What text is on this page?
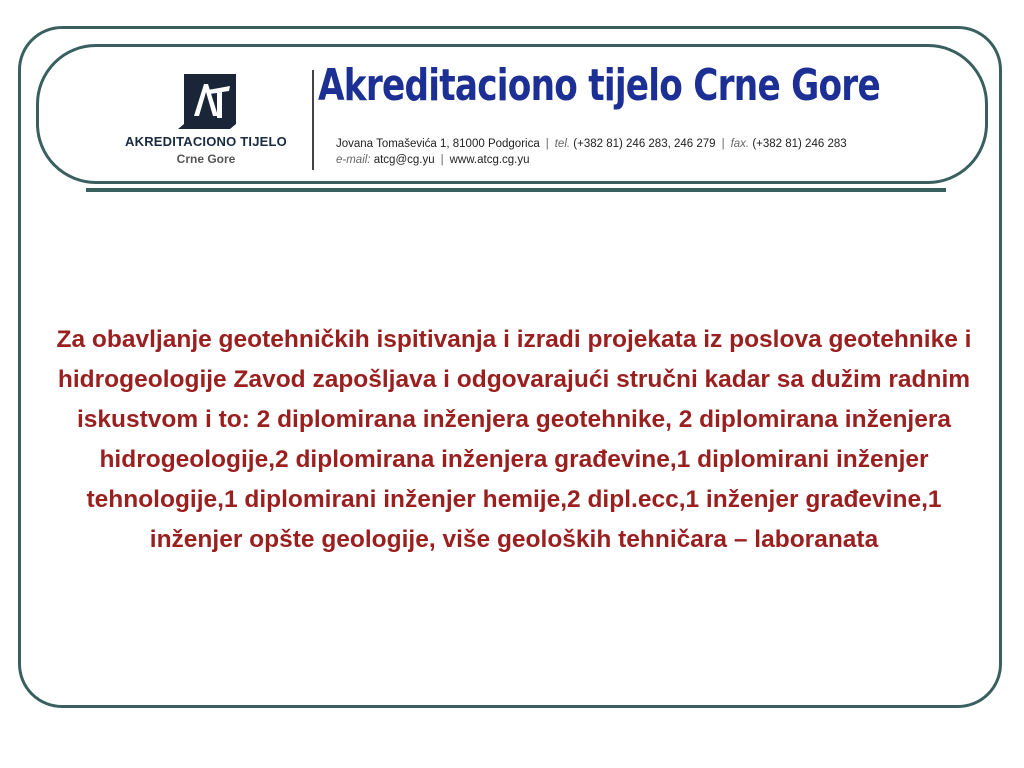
AKREDITACIONO TIJELO
Crne Gore
Akreditaciono tijelo Crne Gore
Jovana Tomaševića 1, 81000 Podgorica | tel. (+382 81) 246 283, 246 279 | fax. (+382 81) 246 283
e-mail: atcg@cg.yu | www.atcg.cg.yu
Za obavljanje geotehničkih ispitivanja i izradi projekata iz poslova geotehnike i hidrogeologije Zavod zapošljava i odgovarajući stručni kadar sa dužim radnim iskustvom i to: 2 diplomirana inženjera geotehnike, 2 diplomirana inženjera hidrogeologije,2 diplomirana inženjera građevine,1 diplomirani inženjer tehnologije,1 diplomirani inženjer hemije,2 dipl.ecc,1 inženjer građevine,1 inženjer opšte geologije, više geoloških tehničara – laboranata
